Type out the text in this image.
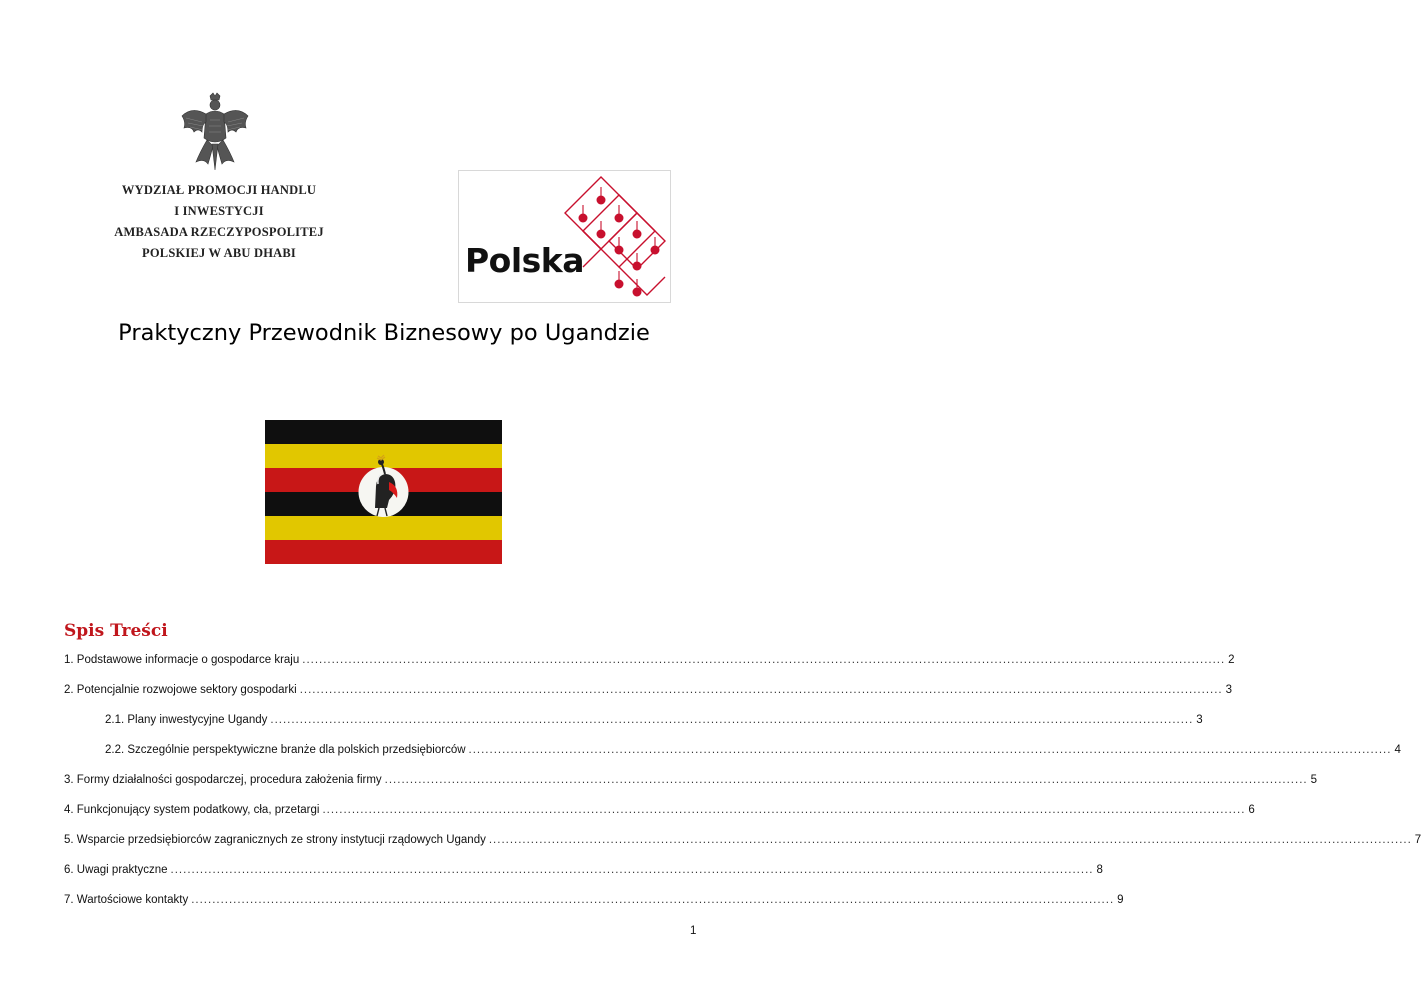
WYDZIAŁ PROMOCJI HANDLU
I INWESTYCJI
AMBASADA RZECZYPOSPOLITEJ
POLSKIEJ W ABU DHABI	Polska
Praktyczny Przewodnik Biznesowy po Ugandzie
Spis Treści
1. Podstawowe informacje o gospodarce kraju ............................................................................................................................................................................................................................ 2
2. Potencjalnie rozwojowe sektory gospodarki ............................................................................................................................................................................................................................ 3
2.1. Plany inwestycyjne Ugandy ............................................................................................................................................................................................................................ 3
2.2. Szczególnie perspektywiczne branże dla polskich przedsiębiorców ............................................................................................................................................................................................................................ 4
3. Formy działalności gospodarczej, procedura założenia firmy ............................................................................................................................................................................................................................ 5
4. Funkcjonujący system podatkowy, cła, przetargi ............................................................................................................................................................................................................................ 6
5. Wsparcie przedsiębiorców zagranicznych ze strony instytucji rządowych Ugandy ............................................................................................................................................................................................................................ 7
6. Uwagi praktyczne ............................................................................................................................................................................................................................ 8
7. Wartościowe kontakty ............................................................................................................................................................................................................................ 9
1
